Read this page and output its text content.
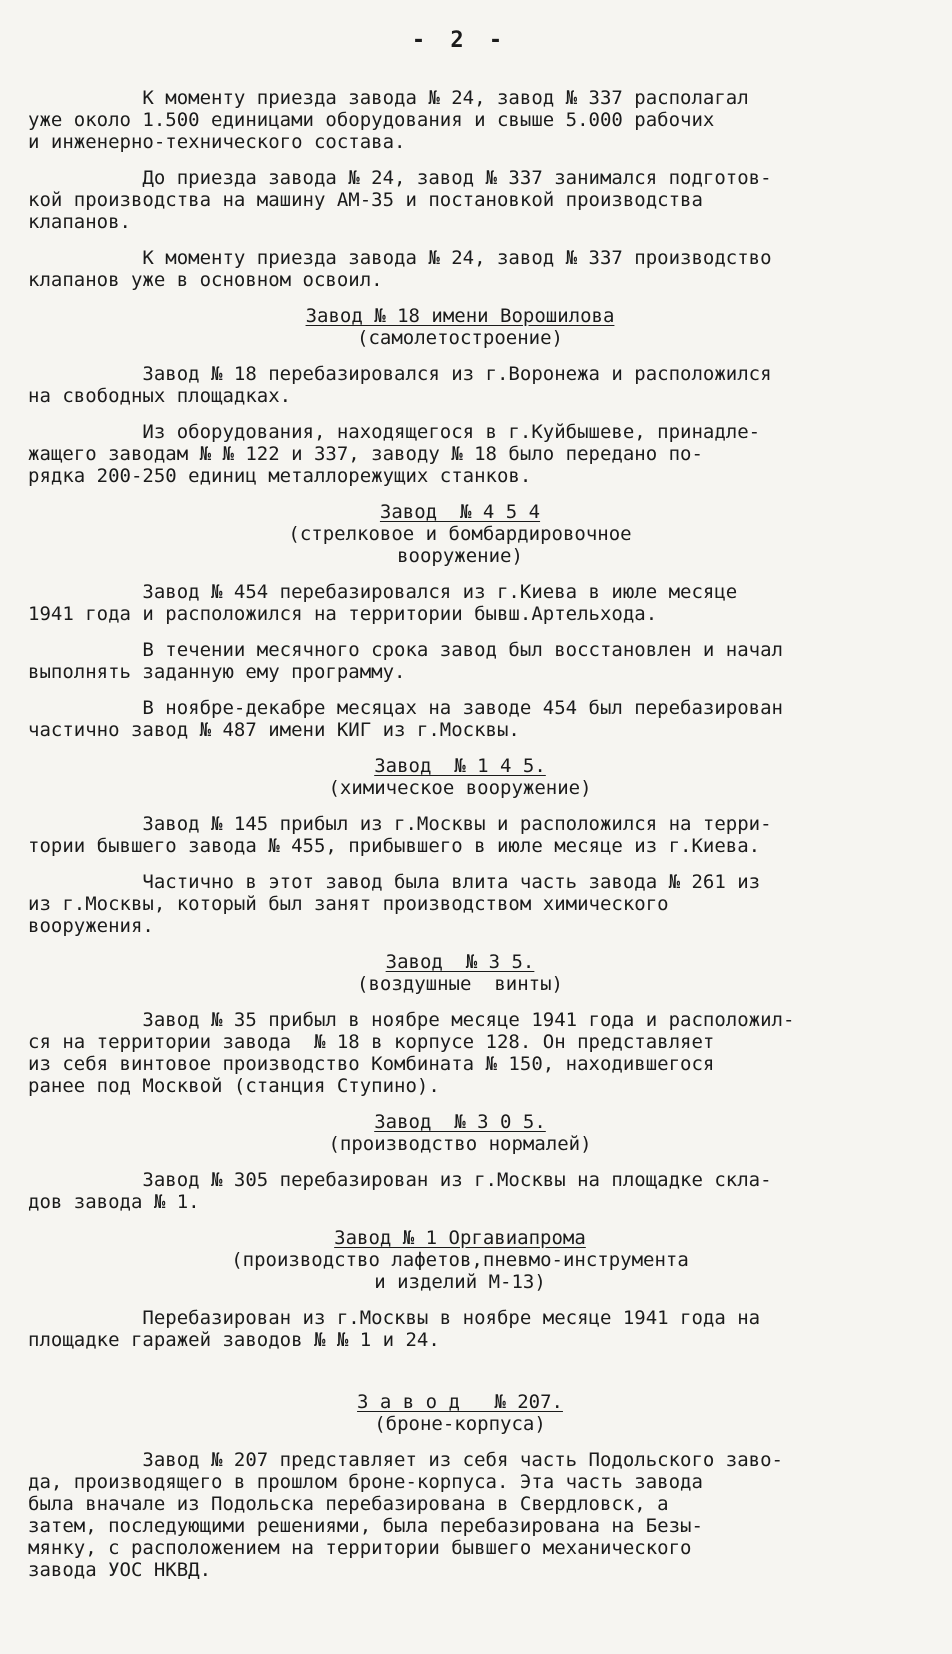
- 2 -

К моменту приезда завода № 24, завод № 337 располагал

уже около 1.500 единицами оборудования и свыше 5.000 рабочих

и инженерно-технического состава.

До приезда завода № 24, завод № 337 занимался подготов-

кой производства на машину АМ-35 и постановкой производства

клапанов.

К моменту приезда завода № 24, завод № 337 производство

клапанов уже в основном освоил.

Завод № 18 имени Ворошилова
(самолетостроение)

Завод № 18 перебазировался из г.Воронежа и расположился

на свободных площадках.

Из оборудования, находящегося в г.Куйбышеве, принадле-

жащего заводам № № 122 и 337, заводу № 18 было передано по-

рядка 200-250 единиц металлорежущих станков.

Завод  № 4 5 4
(стрелковое и бомбардировочное
вооружение)

Завод № 454 перебазировался из г.Киева в июле месяце

1941 года и расположился на территории бывш.Артельхода.

В течении месячного срока завод был восстановлен и начал

выполнять заданную ему программу.

В ноябре-декабре месяцах на заводе 454 был перебазирован

частично завод № 487 имени КИГ из г.Москвы.

Завод  № 1 4 5.
(химическое вооружение)

Завод № 145 прибыл из г.Москвы и расположился на терри-

тории бывшего завода № 455, прибывшего в июле месяце из г.Киева.

Частично в этот завод была влита часть завода № 261 из

из г.Москвы, который был занят производством химического

вооружения.

Завод  № 3 5.
(воздушные  винты)

Завод № 35 прибыл в ноябре месяце 1941 года и расположил-

ся на территории завода  № 18 в корпусе 128. Он представляет

из себя винтовое производство Комбината № 150, находившегося

ранее под Москвой (станция Ступино).

Завод  № 3 0 5.
(производство нормалей)

Завод № 305 перебазирован из г.Москвы на площадке скла-

дов завода № 1.

Завод № 1 Оргавиапрома
(производство лафетов,пневмо-инструмента
и изделий М-13)

Перебазирован из г.Москвы в ноябре месяце 1941 года на

площадке гаражей заводов № № 1 и 24.

З а в о д   № 207.
(броне-корпуса)

Завод № 207 представляет из себя часть Подольского заво-

да, производящего в прошлом броне-корпуса. Эта часть завода

была вначале из Подольска перебазирована в Свердловск, а

затем, последующими решениями, была перебазирована на Безы-

мянку, с расположением на территории бывшего механического

завода УОС НКВД.
